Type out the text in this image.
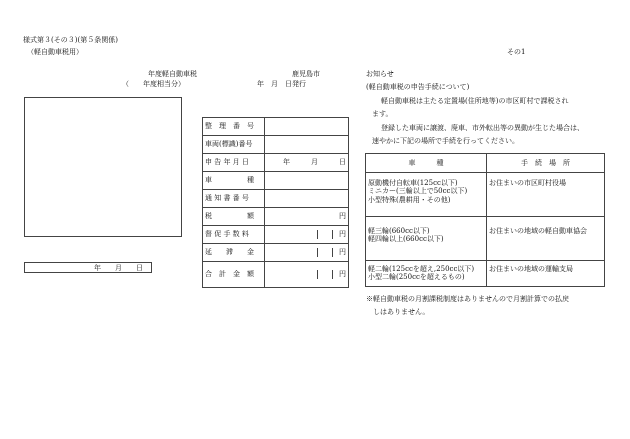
様式第３(その３)(第５条関係)
（軽自動車税用）	その1
年度軽自動車税	鹿児島市
（　　年度相当分）	年　月　日発行
年　　月　　日
整　理　番　号	
車両(標識)番号	
申 告 年 月 日	年　　　月　　　日
車　　　　　種	
通 知 書 番 号	
税　　　　　額	円
督 促 手 数 料	円
延　　滞　　金	円
合　計　金　額	円
お知らせ
(軽自動車税の申告手続について)
軽自動車税は主たる定置場(住所地等)の市区町村で課税され
ます。
登録した車両に譲渡、廃車、市外転出等の異動が生じた場合は、
速やかに下記の場所で手続を行ってください。
車　　　種	手　続　場　所

原動機付自転車(125cc以下)
ミニカー(三輪以上で50cc以下)
小型特殊(農耕用・その他)	お住まいの市区町村役場

軽三輪(660cc以下)
軽四輪以上(660cc以下)	お住まいの地域の軽自動車協会

軽二輪(125ccを超え,250cc以下)
小型二輪(250ccを超えるもの)	お住まいの地域の運輸支局
※軽自動車税の月割課税制度はありませんので月割計算での払戻
しはありません。
